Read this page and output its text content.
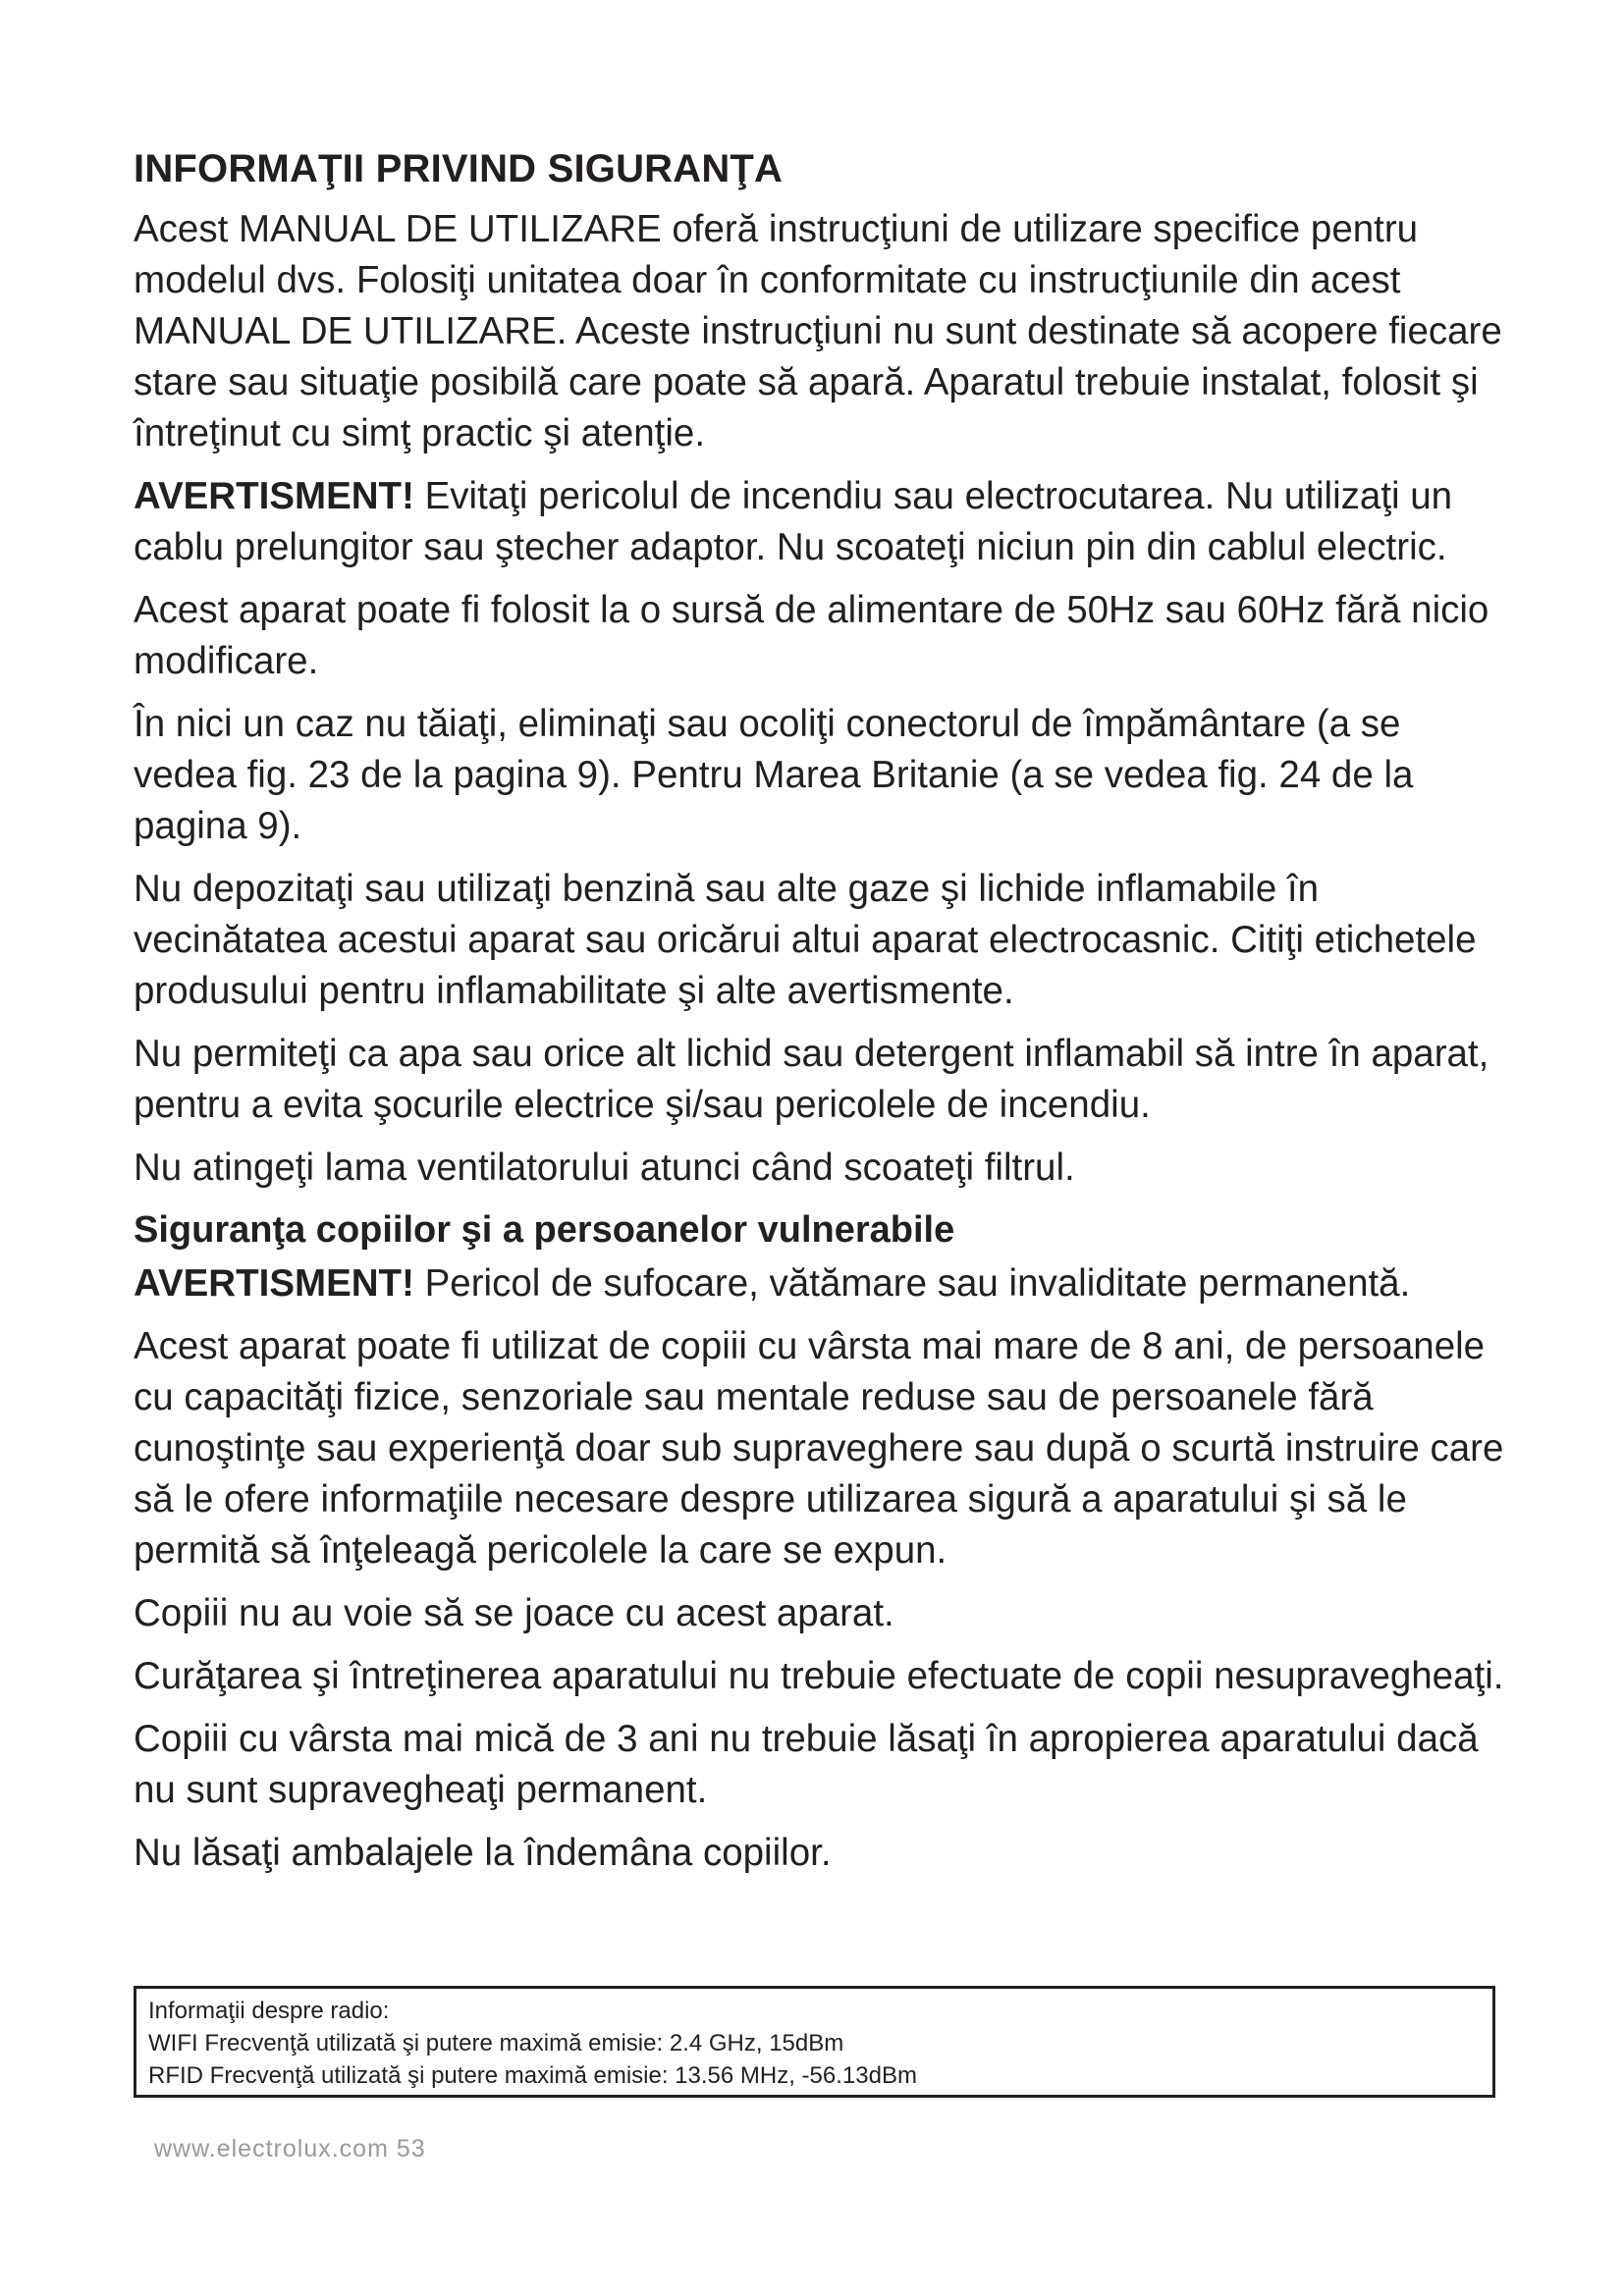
INFORMAŢII PRIVIND SIGURANŢA

Acest MANUAL DE UTILIZARE oferă instrucţiuni de utilizare specifice pentru modelul dvs. Folosiţi unitatea doar în conformitate cu instrucţiunile din acest MANUAL DE UTILIZARE. Aceste instrucţiuni nu sunt destinate să acopere fiecare stare sau situaţie posibilă care poate să apară. Aparatul trebuie instalat, folosit şi întreţinut cu simţ practic şi atenţie.

AVERTISMENT! Evitaţi pericolul de incendiu sau electrocutarea. Nu utilizaţi un cablu prelungitor sau ştecher adaptor. Nu scoateţi niciun pin din cablul electric.

Acest aparat poate fi folosit la o sursă de alimentare de 50Hz sau 60Hz fără nicio modificare.

În nici un caz nu tăiaţi, eliminaţi sau ocoliţi conectorul de împământare (a se vedea fig. 23 de la pagina 9). Pentru Marea Britanie (a se vedea fig. 24 de la pagina 9).

Nu depozitaţi sau utilizaţi benzină sau alte gaze şi lichide inflamabile în vecinătatea acestui aparat sau oricărui altui aparat electrocasnic. Citiţi etichetele produsului pentru inflamabilitate şi alte avertismente.

Nu permiteţi ca apa sau orice alt lichid sau detergent inflamabil să intre în aparat, pentru a evita şocurile electrice şi/sau pericolele de incendiu.

Nu atingeţi lama ventilatorului atunci când scoateţi filtrul.

Siguranţa copiilor şi a persoanelor vulnerabile

AVERTISMENT! Pericol de sufocare, vătămare sau invaliditate permanentă.

Acest aparat poate fi utilizat de copiii cu vârsta mai mare de 8 ani, de persoanele cu capacităţi fizice, senzoriale sau mentale reduse sau de persoanele fără cunoştinţe sau experienţă doar sub supraveghere sau după o scurtă instruire care să le ofere informaţiile necesare despre utilizarea sigură a aparatului şi să le permită să înţeleagă pericolele la care se expun.

Copiii nu au voie să se joace cu acest aparat.

Curăţarea şi întreţinerea aparatului nu trebuie efectuate de copii nesupravegheaţi.

Copiii cu vârsta mai mică de 3 ani nu trebuie lăsaţi în apropierea aparatului dacă nu sunt supravegheaţi permanent.

Nu lăsaţi ambalajele la îndemâna copiilor.

Informaţii despre radio:
WIFI Frecvenţă utilizată şi putere maximă emisie: 2.4 GHz, 15dBm
RFID Frecvenţă utilizată şi putere maximă emisie: 13.56 MHz, -56.13dBm
www.electrolux.com 53
